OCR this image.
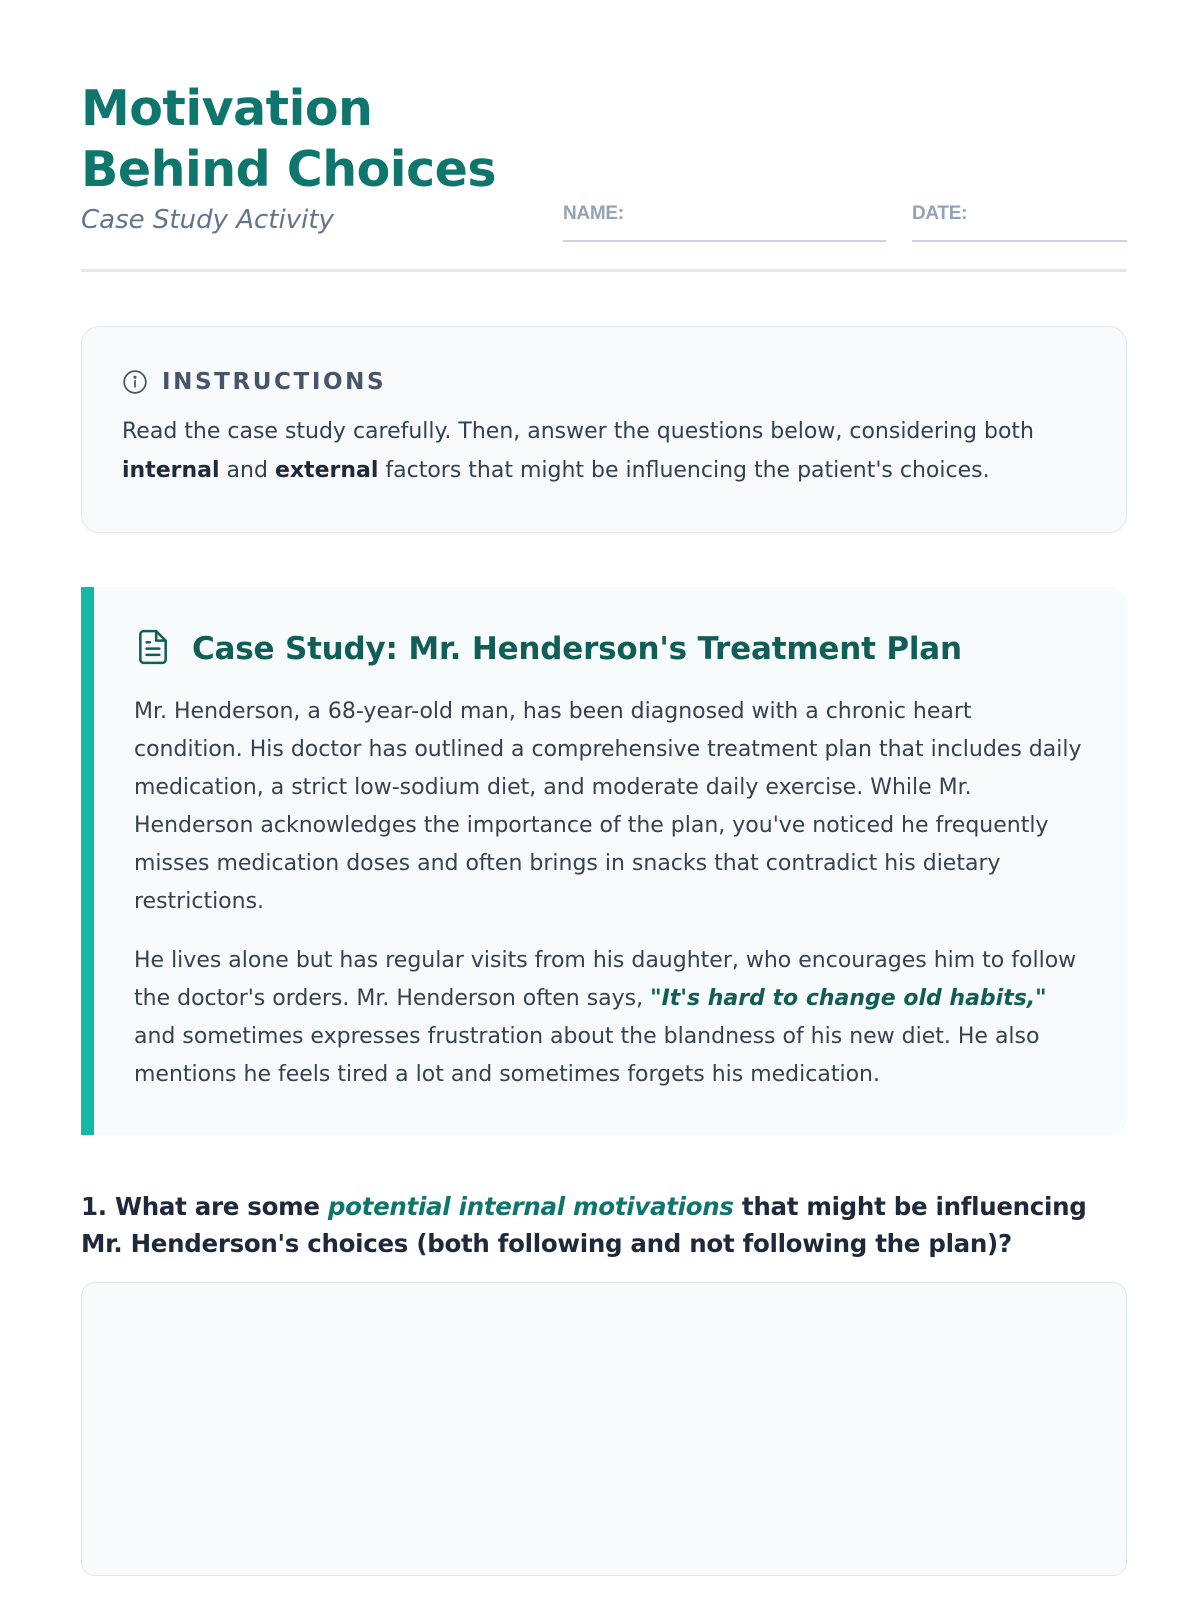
Motivation
Behind Choices
Case Study Activity	NAME:	DATE:
INSTRUCTIONS

Read the case study carefully. Then, answer the questions below, considering both internal and external factors that might be influencing the patient's choices.

Case Study: Mr. Henderson's Treatment Plan

Mr. Henderson, a 68-year-old man, has been diagnosed with a chronic heart condition. His doctor has outlined a comprehensive treatment plan that includes daily medication, a strict low-sodium diet, and moderate daily exercise. While Mr. Henderson acknowledges the importance of the plan, you've noticed he frequently misses medication doses and often brings in snacks that contradict his dietary restrictions.

He lives alone but has regular visits from his daughter, who encourages him to follow the doctor's orders. Mr. Henderson often says, "It's hard to change old habits," and sometimes expresses frustration about the blandness of his new diet. He also mentions he feels tired a lot and sometimes forgets his medication.

1. What are some potential internal motivations that might be influencing Mr. Henderson's choices (both following and not following the plan)?
